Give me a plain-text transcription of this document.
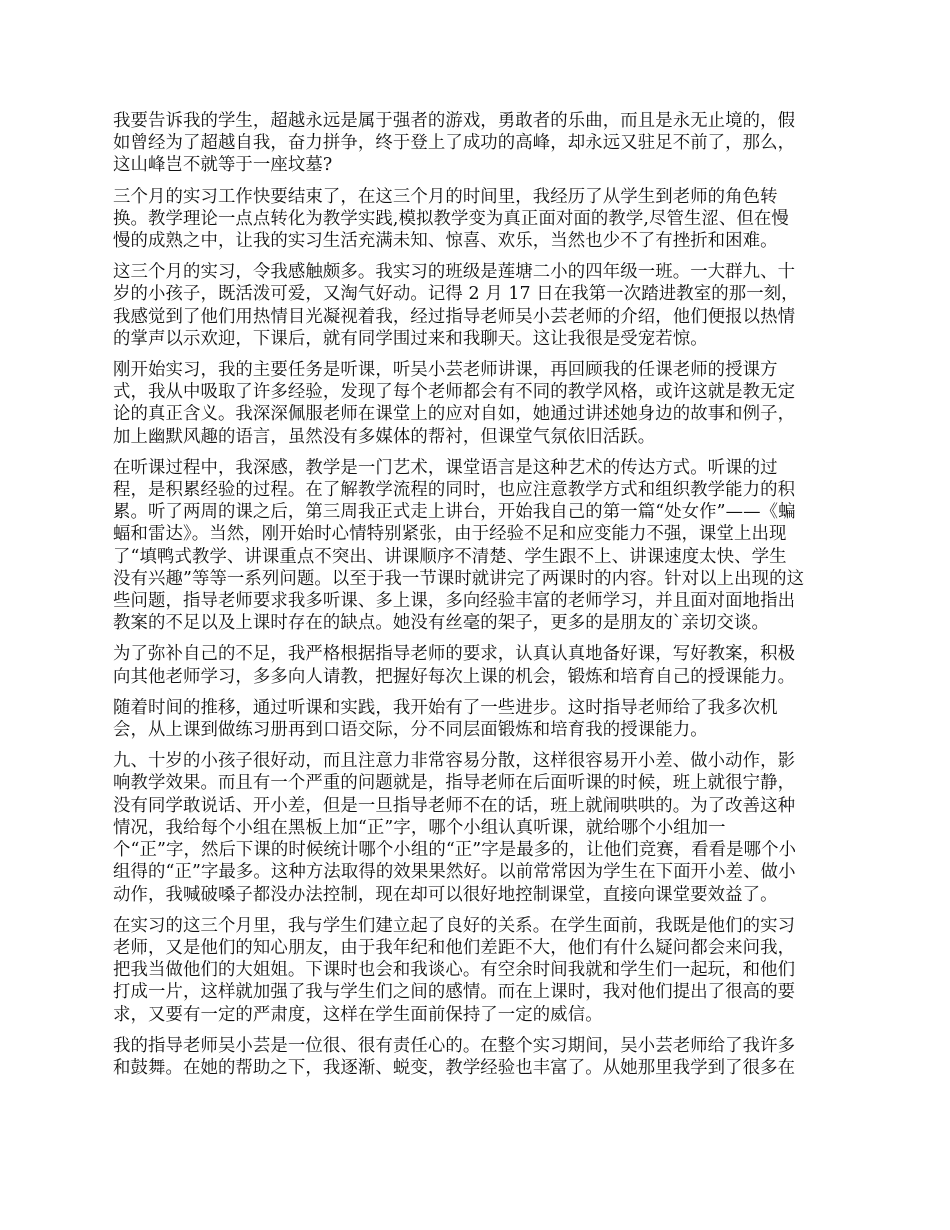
我要告诉我的学生，超越永远是属于强者的游戏，勇敢者的乐曲，而且是永无止境的，假
如曾经为了超越自我，奋力拼争，终于登上了成功的高峰，却永远又驻足不前了，那么，
这山峰岂不就等于一座坟墓?

三个月的实习工作快要结束了，在这三个月的时间里，我经历了从学生到老师的角色转
换。教学理论一点点转化为教学实践,模拟教学变为真正面对面的教学,尽管生涩、但在慢
慢的成熟之中，让我的实习生活充满未知、惊喜、欢乐，当然也少不了有挫折和困难。

这三个月的实习，令我感触颇多。我实习的班级是莲塘二小的四年级一班。一大群九、十
岁的小孩子，既活泼可爱，又淘气好动。记得 2 月 17 日在我第一次踏进教室的那一刻，
我感觉到了他们用热情目光凝视着我，经过指导老师吴小芸老师的介绍，他们便报以热情
的掌声以示欢迎，下课后，就有同学围过来和我聊天。这让我很是受宠若惊。

刚开始实习，我的主要任务是听课，听吴小芸老师讲课，再回顾我的任课老师的授课方
式，我从中吸取了许多经验，发现了每个老师都会有不同的教学风格，或许这就是教无定
论的真正含义。我深深佩服老师在课堂上的应对自如，她通过讲述她身边的故事和例子，
加上幽默风趣的语言，虽然没有多媒体的帮衬，但课堂气氛依旧活跃。

在听课过程中，我深感，教学是一门艺术，课堂语言是这种艺术的传达方式。听课的过
程，是积累经验的过程。在了解教学流程的同时，也应注意教学方式和组织教学能力的积
累。听了两周的课之后，第三周我正式走上讲台，开始我自己的第一篇“处女作”——《蝙
蝠和雷达》。当然，刚开始时心情特别紧张，由于经验不足和应变能力不强，课堂上出现
了“填鸭式教学、讲课重点不突出、讲课顺序不清楚、学生跟不上、讲课速度太快、学生
没有兴趣”等等一系列问题。以至于我一节课时就讲完了两课时的内容。针对以上出现的这
些问题，指导老师要求我多听课、多上课，多向经验丰富的老师学习，并且面对面地指出
教案的不足以及上课时存在的缺点。她没有丝毫的架子，更多的是朋友的`亲切交谈。

为了弥补自己的不足，我严格根据指导老师的要求，认真认真地备好课，写好教案，积极
向其他老师学习，多多向人请教，把握好每次上课的机会，锻炼和培育自己的授课能力。

随着时间的推移，通过听课和实践，我开始有了一些进步。这时指导老师给了我多次机
会，从上课到做练习册再到口语交际，分不同层面锻炼和培育我的授课能力。

九、十岁的小孩子很好动，而且注意力非常容易分散，这样很容易开小差、做小动作，影
响教学效果。而且有一个严重的问题就是，指导老师在后面听课的时候，班上就很宁静，
没有同学敢说话、开小差，但是一旦指导老师不在的话，班上就闹哄哄的。为了改善这种
情况，我给每个小组在黑板上加“正”字，哪个小组认真听课，就给哪个小组加一
个“正”字，然后下课的时候统计哪个小组的“正”字是最多的，让他们竞赛，看看是哪个小
组得的“正”字最多。这种方法取得的效果果然好。以前常常因为学生在下面开小差、做小
动作，我喊破嗓子都没办法控制，现在却可以很好地控制课堂，直接向课堂要效益了。

在实习的这三个月里，我与学生们建立起了良好的关系。在学生面前，我既是他们的实习
老师，又是他们的知心朋友，由于我年纪和他们差距不大，他们有什么疑问都会来问我，
把我当做他们的大姐姐。下课时也会和我谈心。有空余时间我就和学生们一起玩，和他们
打成一片，这样就加强了我与学生们之间的感情。而在上课时，我对他们提出了很高的要
求，又要有一定的严肃度，这样在学生面前保持了一定的威信。

我的指导老师吴小芸是一位很、很有责任心的。在整个实习期间，吴小芸老师给了我许多
和鼓舞。在她的帮助之下，我逐渐、蜕变，教学经验也丰富了。从她那里我学到了很多在
